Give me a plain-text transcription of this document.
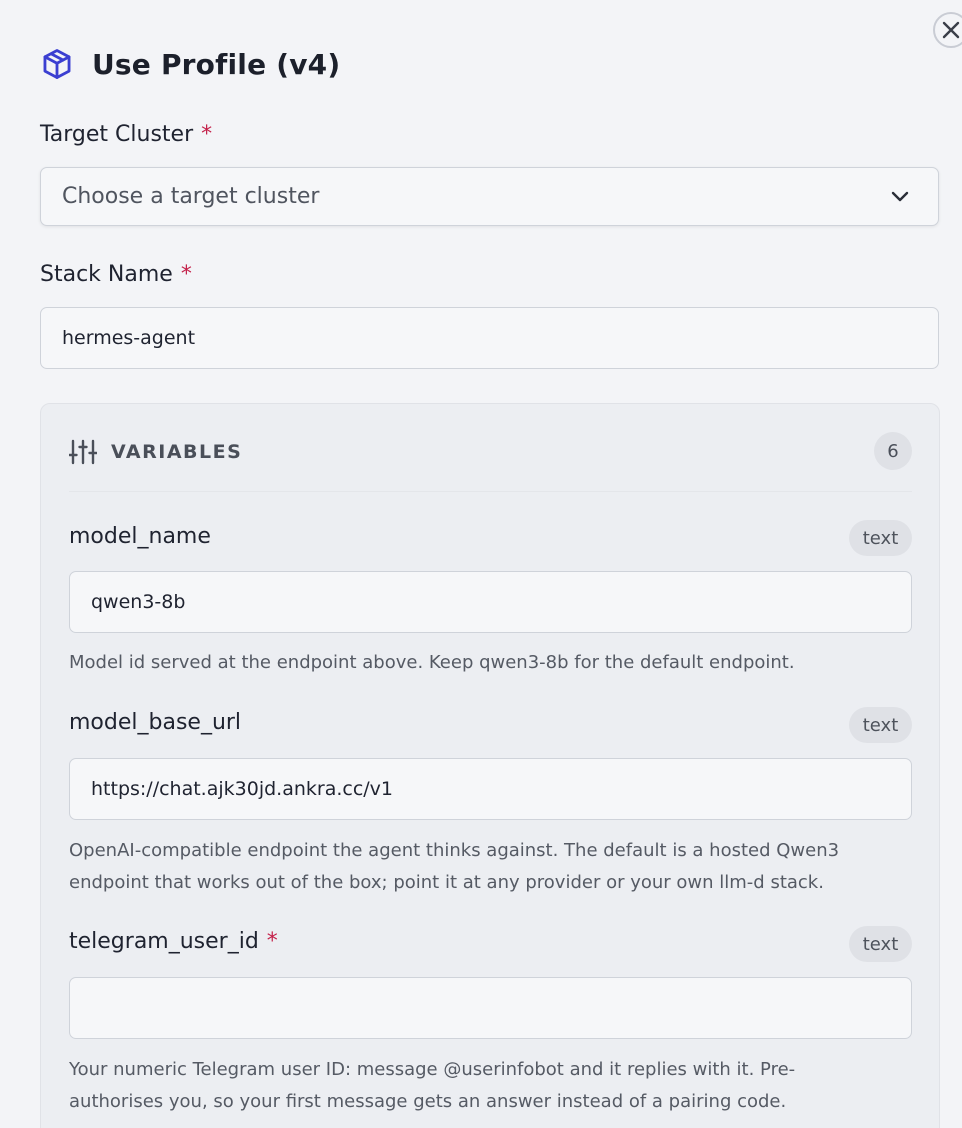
Use Profile (v4)
Target Cluster *
Choose a target cluster
Stack Name *
hermes-agent
VARIABLES	6
model_name	text
qwen3-8b
Model id served at the endpoint above. Keep qwen3-8b for the default endpoint.
model_base_url	text
https://chat.ajk30jd.ankra.cc/v1
OpenAI-compatible endpoint the agent thinks against. The default is a hosted Qwen3 endpoint that works out of the box; point it at any provider or your own llm-d stack.
telegram_user_id *	text
Your numeric Telegram user ID: message @userinfobot and it replies with it. Pre-authorises you, so your first message gets an answer instead of a pairing code.
